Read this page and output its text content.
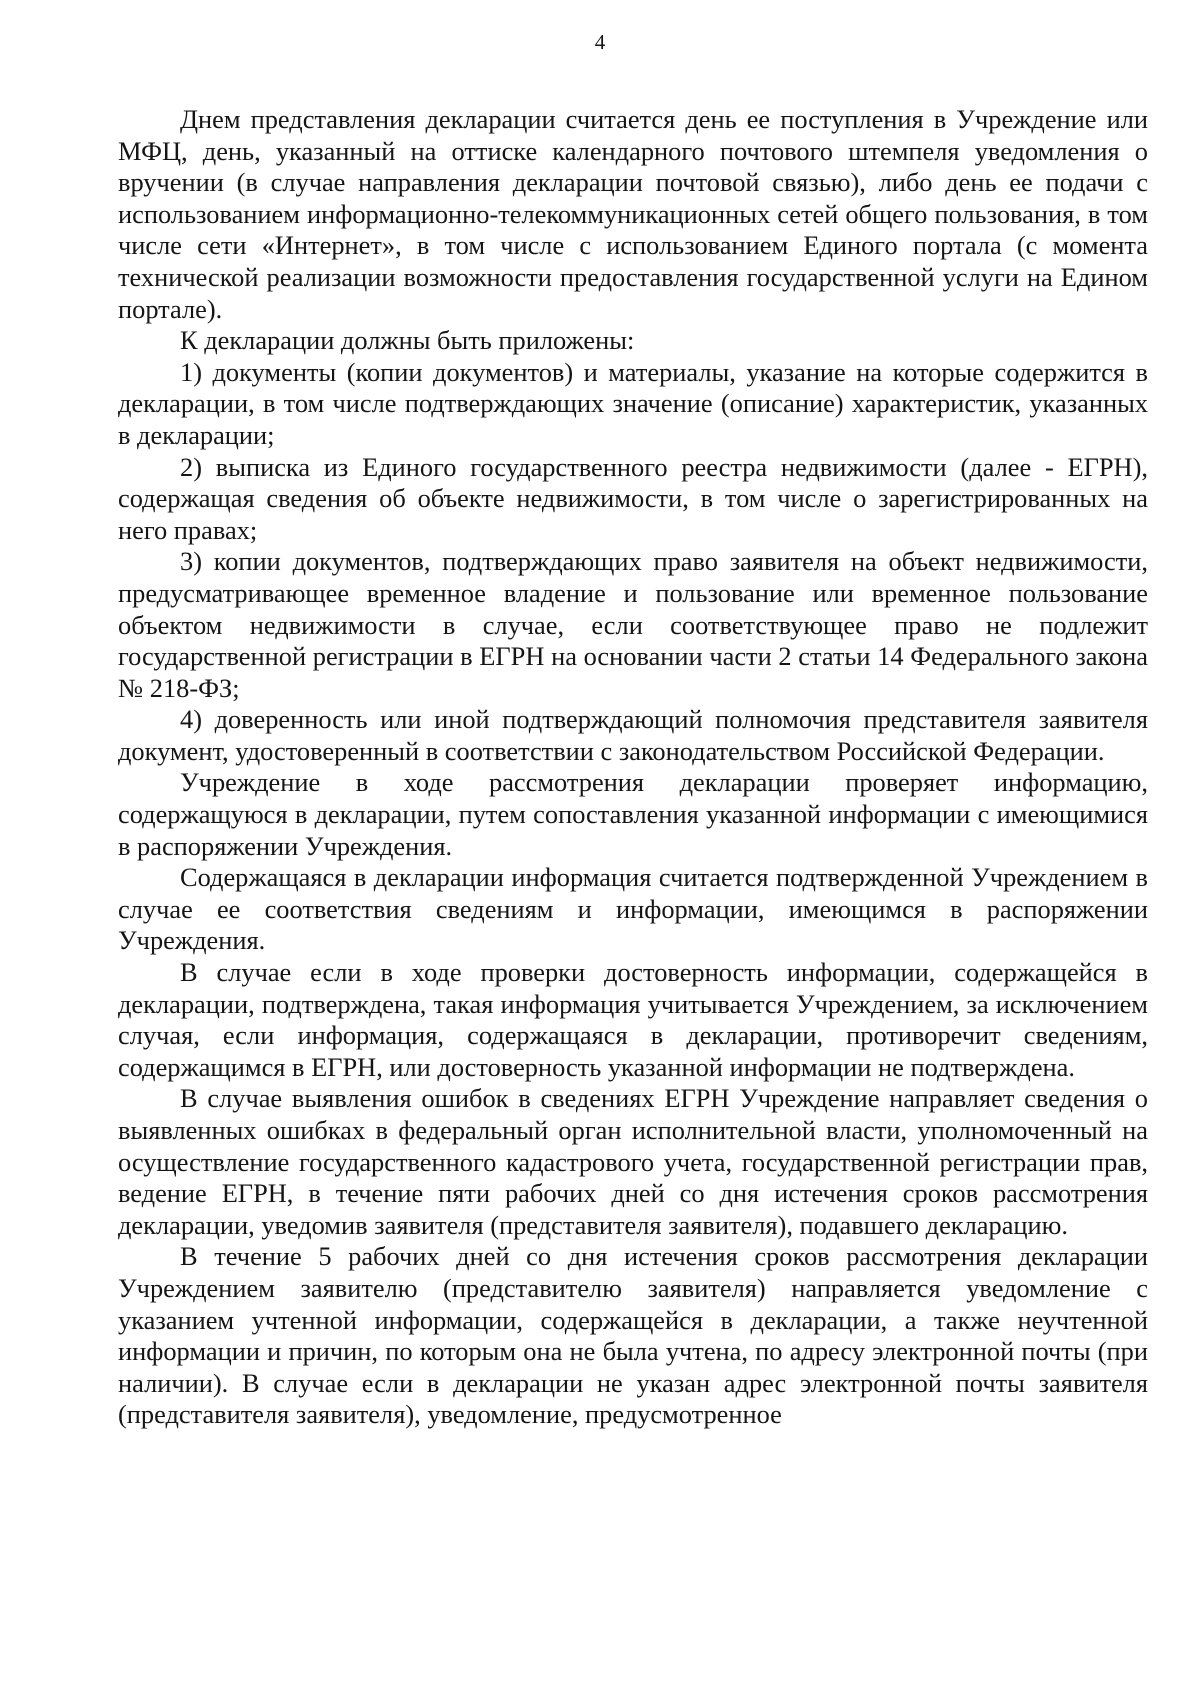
4

Днем представления декларации считается день ее поступления в Учреждение или МФЦ, день, указанный на оттиске календарного почтового штемпеля уведомления о вручении (в случае направления декларации почтовой связью), либо день ее подачи с использованием информационно-телекоммуникационных сетей общего пользования, в том числе сети «Интернет», в том числе с использованием Единого портала (с момента технической реализации возможности предоставления государственной услуги на Едином портале).

К декларации должны быть приложены:

1) документы (копии документов) и материалы, указание на которые содержится в декларации, в том числе подтверждающих значение (описание) характеристик, указанных в декларации;

2) выписка из Единого государственного реестра недвижимости (далее - ЕГРН), содержащая сведения об объекте недвижимости, в том числе о зарегистрированных на него правах;

3) копии документов, подтверждающих право заявителя на объект недвижимости, предусматривающее временное владение и пользование или временное пользование объектом недвижимости в случае, если соответствующее право не подлежит государственной регистрации в ЕГРН на основании части 2 статьи 14 Федерального закона № 218-ФЗ;

4) доверенность или иной подтверждающий полномочия представителя заявителя документ, удостоверенный в соответствии с законодательством Российской Федерации.

Учреждение в ходе рассмотрения декларации проверяет информацию, содержащуюся в декларации, путем сопоставления указанной информации с имеющимися в распоряжении Учреждения.

Содержащаяся в декларации информация считается подтвержденной Учреждением в случае ее соответствия сведениям и информации, имеющимся в распоряжении Учреждения.

В случае если в ходе проверки достоверность информации, содержащейся в декларации, подтверждена, такая информация учитывается Учреждением, за исключением случая, если информация, содержащаяся в декларации, противоречит сведениям, содержащимся в ЕГРН, или достоверность указанной информации не подтверждена.

В случае выявления ошибок в сведениях ЕГРН Учреждение направляет сведения о выявленных ошибках в федеральный орган исполнительной власти, уполномоченный на осуществление государственного кадастрового учета, государственной регистрации прав, ведение ЕГРН, в течение пяти рабочих дней со дня истечения сроков рассмотрения декларации, уведомив заявителя (представителя заявителя), подавшего декларацию.

В течение 5 рабочих дней со дня истечения сроков рассмотрения декларации Учреждением заявителю (представителю заявителя) направляется уведомление с указанием учтенной информации, содержащейся в декларации, а также неучтенной информации и причин, по которым она не была учтена, по адресу электронной почты (при наличии). В случае если в декларации не указан адрес электронной почты заявителя (представителя заявителя), уведомление, предусмотренное
